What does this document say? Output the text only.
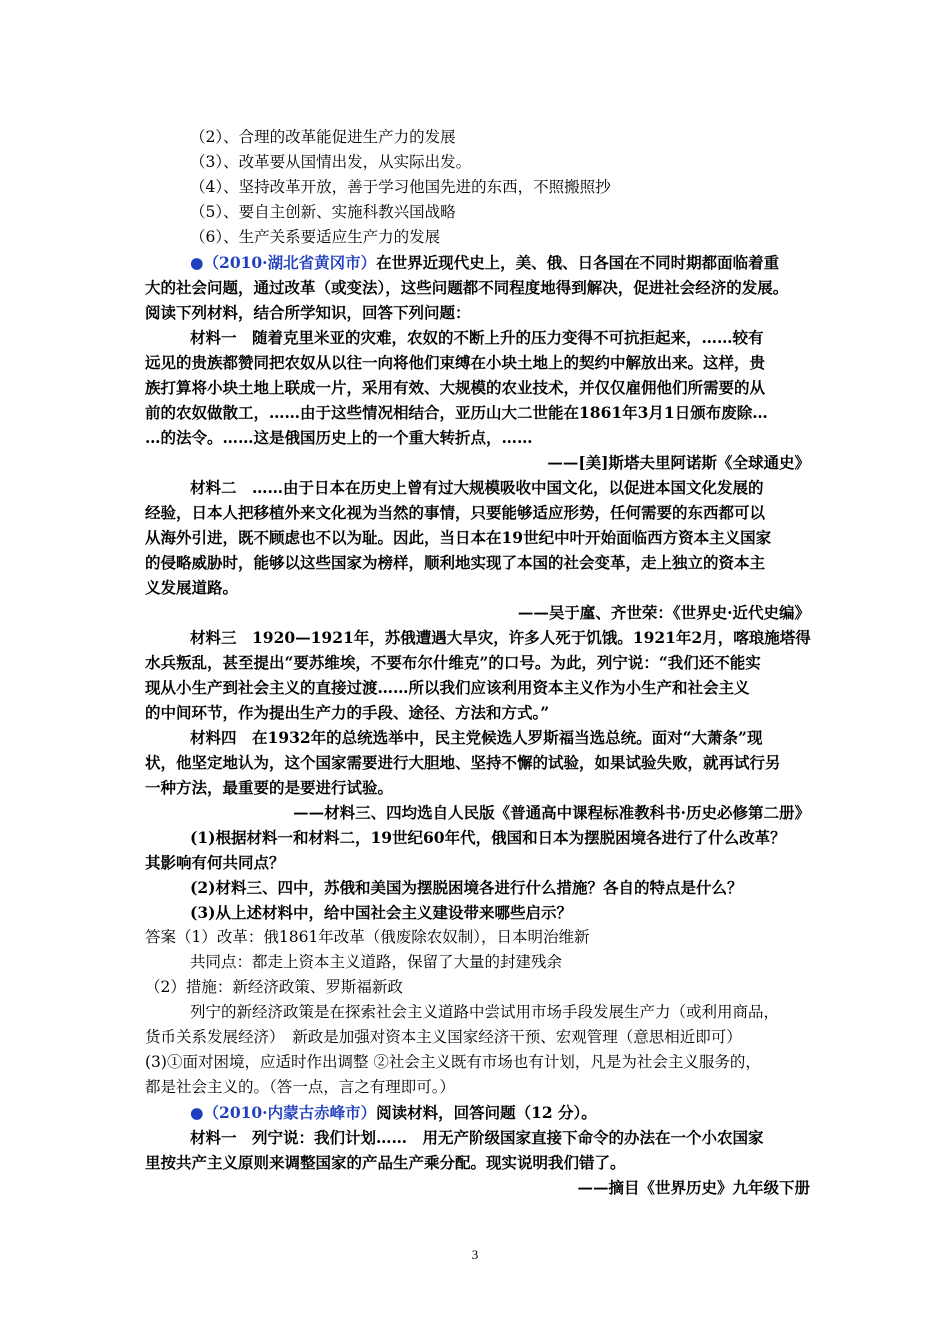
（2）、合理的改革能促进生产力的发展
（3）、改革要从国情出发，从实际出发。
（4）、坚持改革开放，善于学习他国先进的东西，不照搬照抄
（5）、要自主创新、实施科教兴国战略
（6）、生产关系要适应生产力的发展
●（2010·湖北省黄冈市）在世界近现代史上，美、俄、日各国在不同时期都面临着重
大的社会问题，通过改革（或变法），这些问题都不同程度地得到解决，促进社会经济的发展。
阅读下列材料，结合所学知识，回答下列问题：
材料一　随着克里米亚的灾难，农奴的不断上升的压力变得不可抗拒起来，……较有
远见的贵族都赞同把农奴从以往一向将他们束缚在小块土地上的契约中解放出来。这样，贵
族打算将小块土地上联成一片，采用有效、大规模的农业技术，并仅仅雇佣他们所需要的从
前的农奴做散工，……由于这些情况相结合，亚历山大二世能在1861年3月1日颁布废除…
…的法令。……这是俄国历史上的一个重大转折点，……
——[美]斯塔夫里阿诺斯《全球通史》
材料二　……由于日本在历史上曾有过大规模吸收中国文化，以促进本国文化发展的
经验，日本人把移植外来文化视为当然的事情，只要能够适应形势，任何需要的东西都可以
从海外引进，既不顾虑也不以为耻。因此，当日本在19世纪中叶开始面临西方资本主义国家
的侵略威胁时，能够以这些国家为榜样，顺利地实现了本国的社会变革，走上独立的资本主
义发展道路。
——吴于廑、齐世荣：《世界史·近代史编》
材料三　1920—1921年，苏俄遭遇大旱灾，许多人死于饥饿。1921年2月，喀琅施塔得
水兵叛乱，甚至提出“要苏维埃，不要布尔什维克”的口号。为此，列宁说：“我们还不能实
现从小生产到社会主义的直接过渡……所以我们应该利用资本主义作为小生产和社会主义
的中间环节，作为提出生产力的手段、途径、方法和方式。”
材料四　在1932年的总统选举中，民主党候选人罗斯福当选总统。面对“大萧条”现
状，他坚定地认为，这个国家需要进行大胆地、坚持不懈的试验，如果试验失败，就再试行另
一种方法，最重要的是要进行试验。
——材料三、四均选自人民版《普通高中课程标准教科书·历史必修第二册》
(1)根据材料一和材料二，19世纪60年代，俄国和日本为摆脱困境各进行了什么改革？
其影响有何共同点？
(2)材料三、四中，苏俄和美国为摆脱困境各进行什么措施？各自的特点是什么？
(3)从上述材料中，给中国社会主义建设带来哪些启示？
答案（1）改革：俄1861年改革（俄废除农奴制），日本明治维新
共同点：都走上资本主义道路，保留了大量的封建残余
（2）措施：新经济政策、罗斯福新政
列宁的新经济政策是在探索社会主义道路中尝试用市场手段发展生产力（或利用商品，
货币关系发展经济）　新政是加强对资本主义国家经济干预、宏观管理（意思相近即可）
(3)①面对困境，应适时作出调整 ②社会主义既有市场也有计划，凡是为社会主义服务的，
都是社会主义的。（答一点，言之有理即可。）
●（2010·内蒙古赤峰市）阅读材料，回答问题（12 分）。
材料一　列宁说：我们计划……　用无产阶级国家直接下命令的办法在一个小农国家
里按共产主义原则来调整国家的产品生产乘分配。现实说明我们错了。
——摘目《世界历史》九年级下册
3
